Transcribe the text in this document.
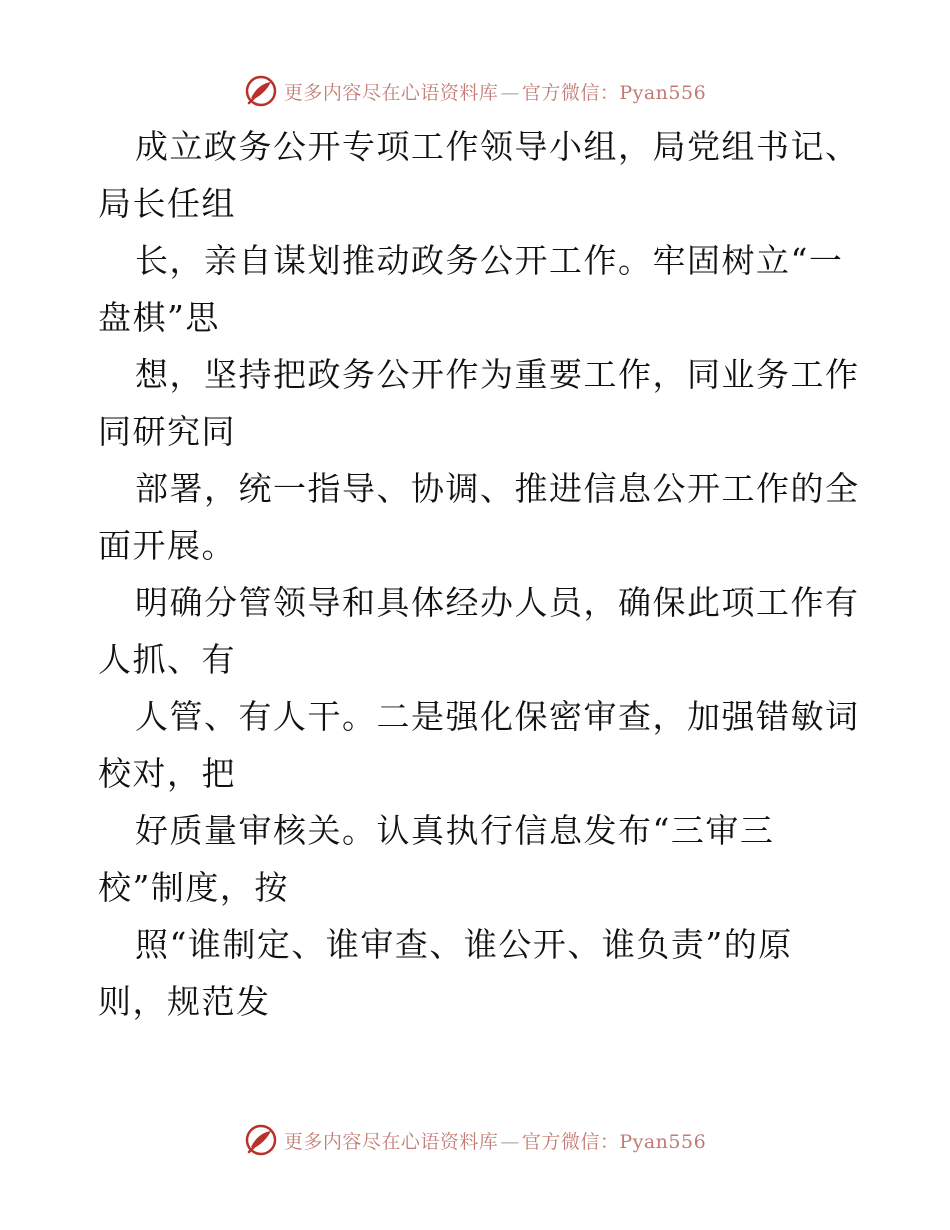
更多内容尽在心语资料库 — 官方微信：Pyan556
成立政务公开专项工作领导小组，局党组书记、
局长任组
长，亲自谋划推动政务公开工作。牢固树立“一
盘棋”思
想，坚持把政务公开作为重要工作，同业务工作
同研究同
部署，统一指导、协调、推进信息公开工作的全
面开展。
明确分管领导和具体经办人员，确保此项工作有
人抓、有
人管、有人干。二是强化保密审查，加强错敏词
校对，把
好质量审核关。认真执行信息发布“三审三
校”制度，按
照“谁制定、谁审查、谁公开、谁负责”的原
则，规范发
更多内容尽在心语资料库 — 官方微信：Pyan556
